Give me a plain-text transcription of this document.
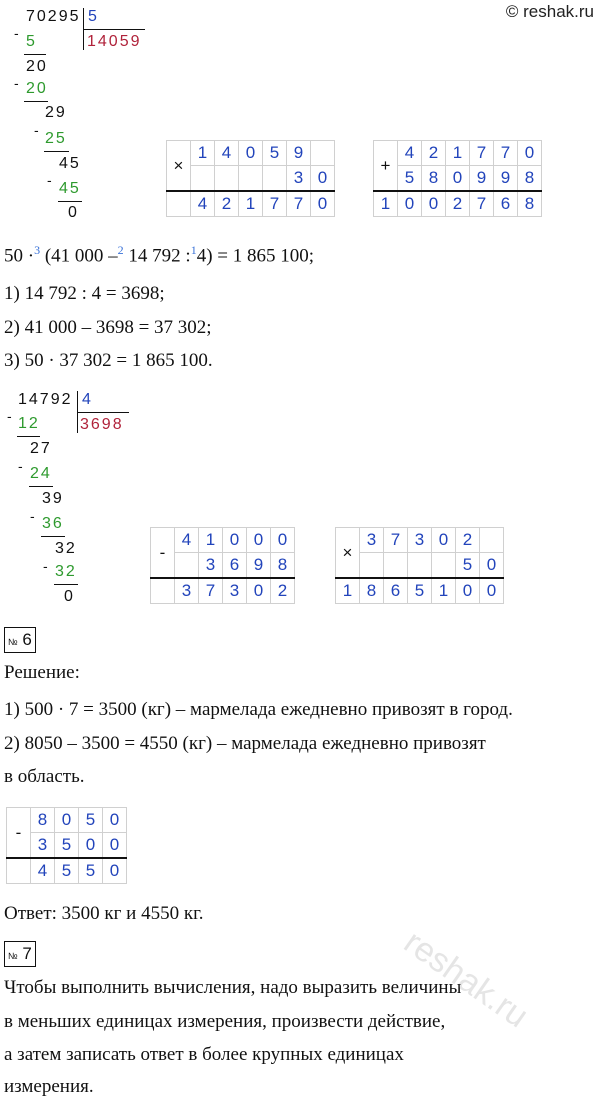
© reshak.ru
70295 5
14059
- 5
20
- 20
29
- 25
45
- 45
0
×	1	4	0	5	9	
					3	0
	4	2	1	7	7	0
+	4	2	1	7	7	0
	5	8	0	9	9	8
1	0	0	2	7	6	8
50 ·$^3$ (41 000 –$^2$ 14 792 :$^1$4) = 1 865 100;
1) 14 792 : 4 = 3698;
2) 41 000 – 3698 = 37 302;
3) 50 · 37 302 = 1 865 100.
14792 4
3698
- 12
27
- 24
39
- 36
32
- 32
0
-	4	1	0	0	0
		3	6	9	8
	3	7	3	0	2
×	3	7	3	0	2	
					5	0
1	8	6	5	1	0	0
№ 6
Решение:
1) 500 · 7 = 3500 (кг) – мармелада ежедневно привозят в город.
2) 8050 – 3500 = 4550 (кг) – мармелада ежедневно привозят
в область.
-	8	0	5	0
	3	5	0	0
	4	5	5	0
Ответ: 3500 кг и 4550 кг.
№ 7
Чтобы выполнить вычисления, надо выразить величины
в меньших единицах измерения, произвести действие,
а затем записать ответ в более крупных единицах
измерения.
reshak.ru
